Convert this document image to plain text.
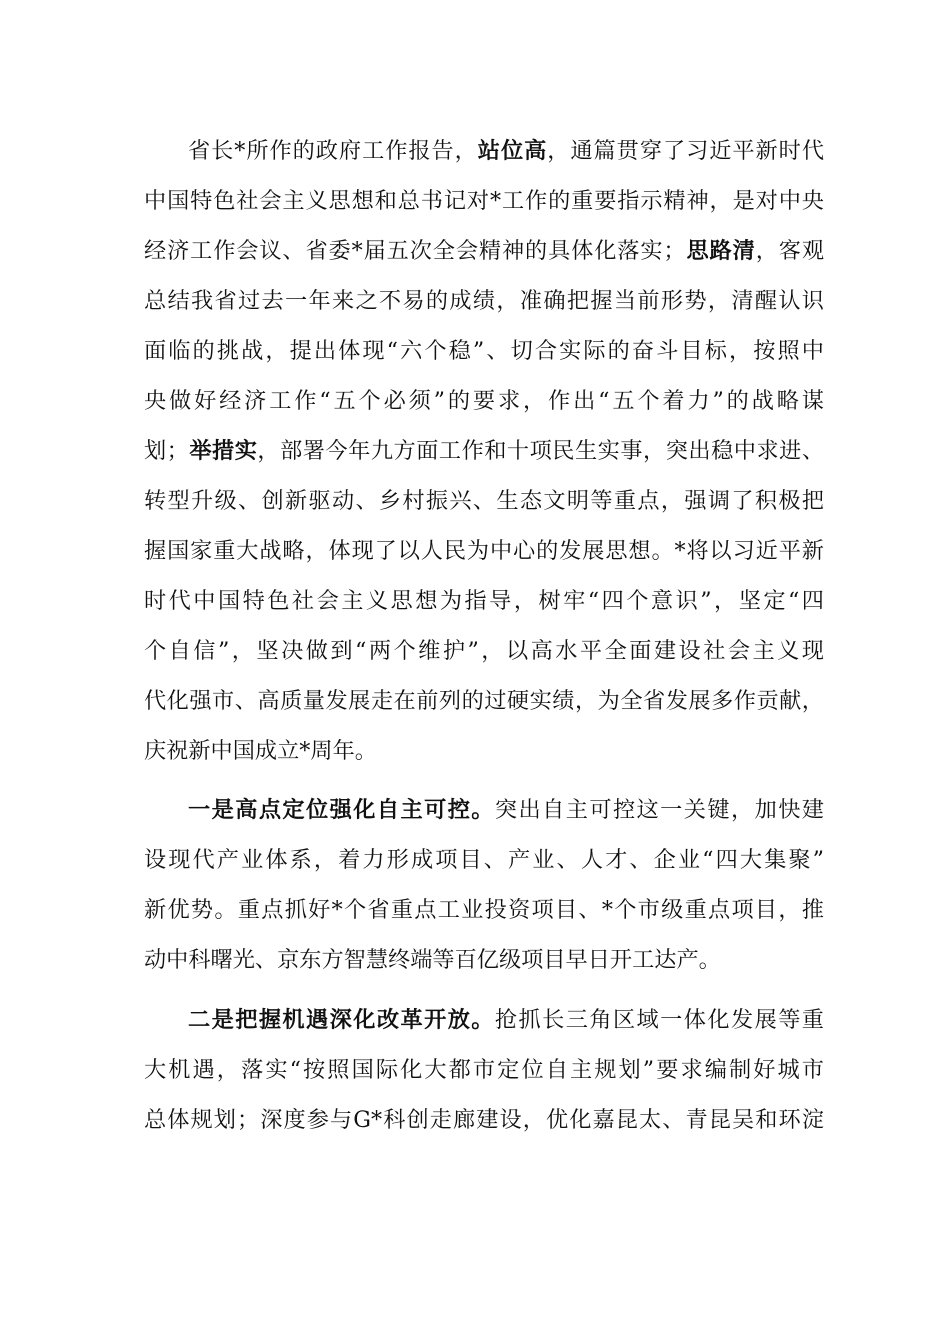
省长*所作的政府工作报告，站位高，通篇贯穿了习近平新时代
中国特色社会主义思想和总书记对*工作的重要指示精神，是对中央
经济工作会议、省委*届五次全会精神的具体化落实；思路清，客观
总结我省过去一年来之不易的成绩，准确把握当前形势，清醒认识
面临的挑战，提出体现“六个稳”、切合实际的奋斗目标，按照中
央做好经济工作“五个必须”的要求，作出“五个着力”的战略谋
划；举措实，部署今年九方面工作和十项民生实事，突出稳中求进、
转型升级、创新驱动、乡村振兴、生态文明等重点，强调了积极把
握国家重大战略，体现了以人民为中心的发展思想。*将以习近平新
时代中国特色社会主义思想为指导，树牢“四个意识”，坚定“四
个自信”，坚决做到“两个维护”，以高水平全面建设社会主义现
代化强市、高质量发展走在前列的过硬实绩，为全省发展多作贡献，
庆祝新中国成立*周年。
一是高点定位强化自主可控。突出自主可控这一关键，加快建
设现代产业体系，着力形成项目、产业、人才、企业“四大集聚”
新优势。重点抓好*个省重点工业投资项目、*个市级重点项目，推
动中科曙光、京东方智慧终端等百亿级项目早日开工达产。
二是把握机遇深化改革开放。抢抓长三角区域一体化发展等重
大机遇，落实“按照国际化大都市定位自主规划”要求编制好城市
总体规划；深度参与G*科创走廊建设，优化嘉昆太、青昆吴和环淀
